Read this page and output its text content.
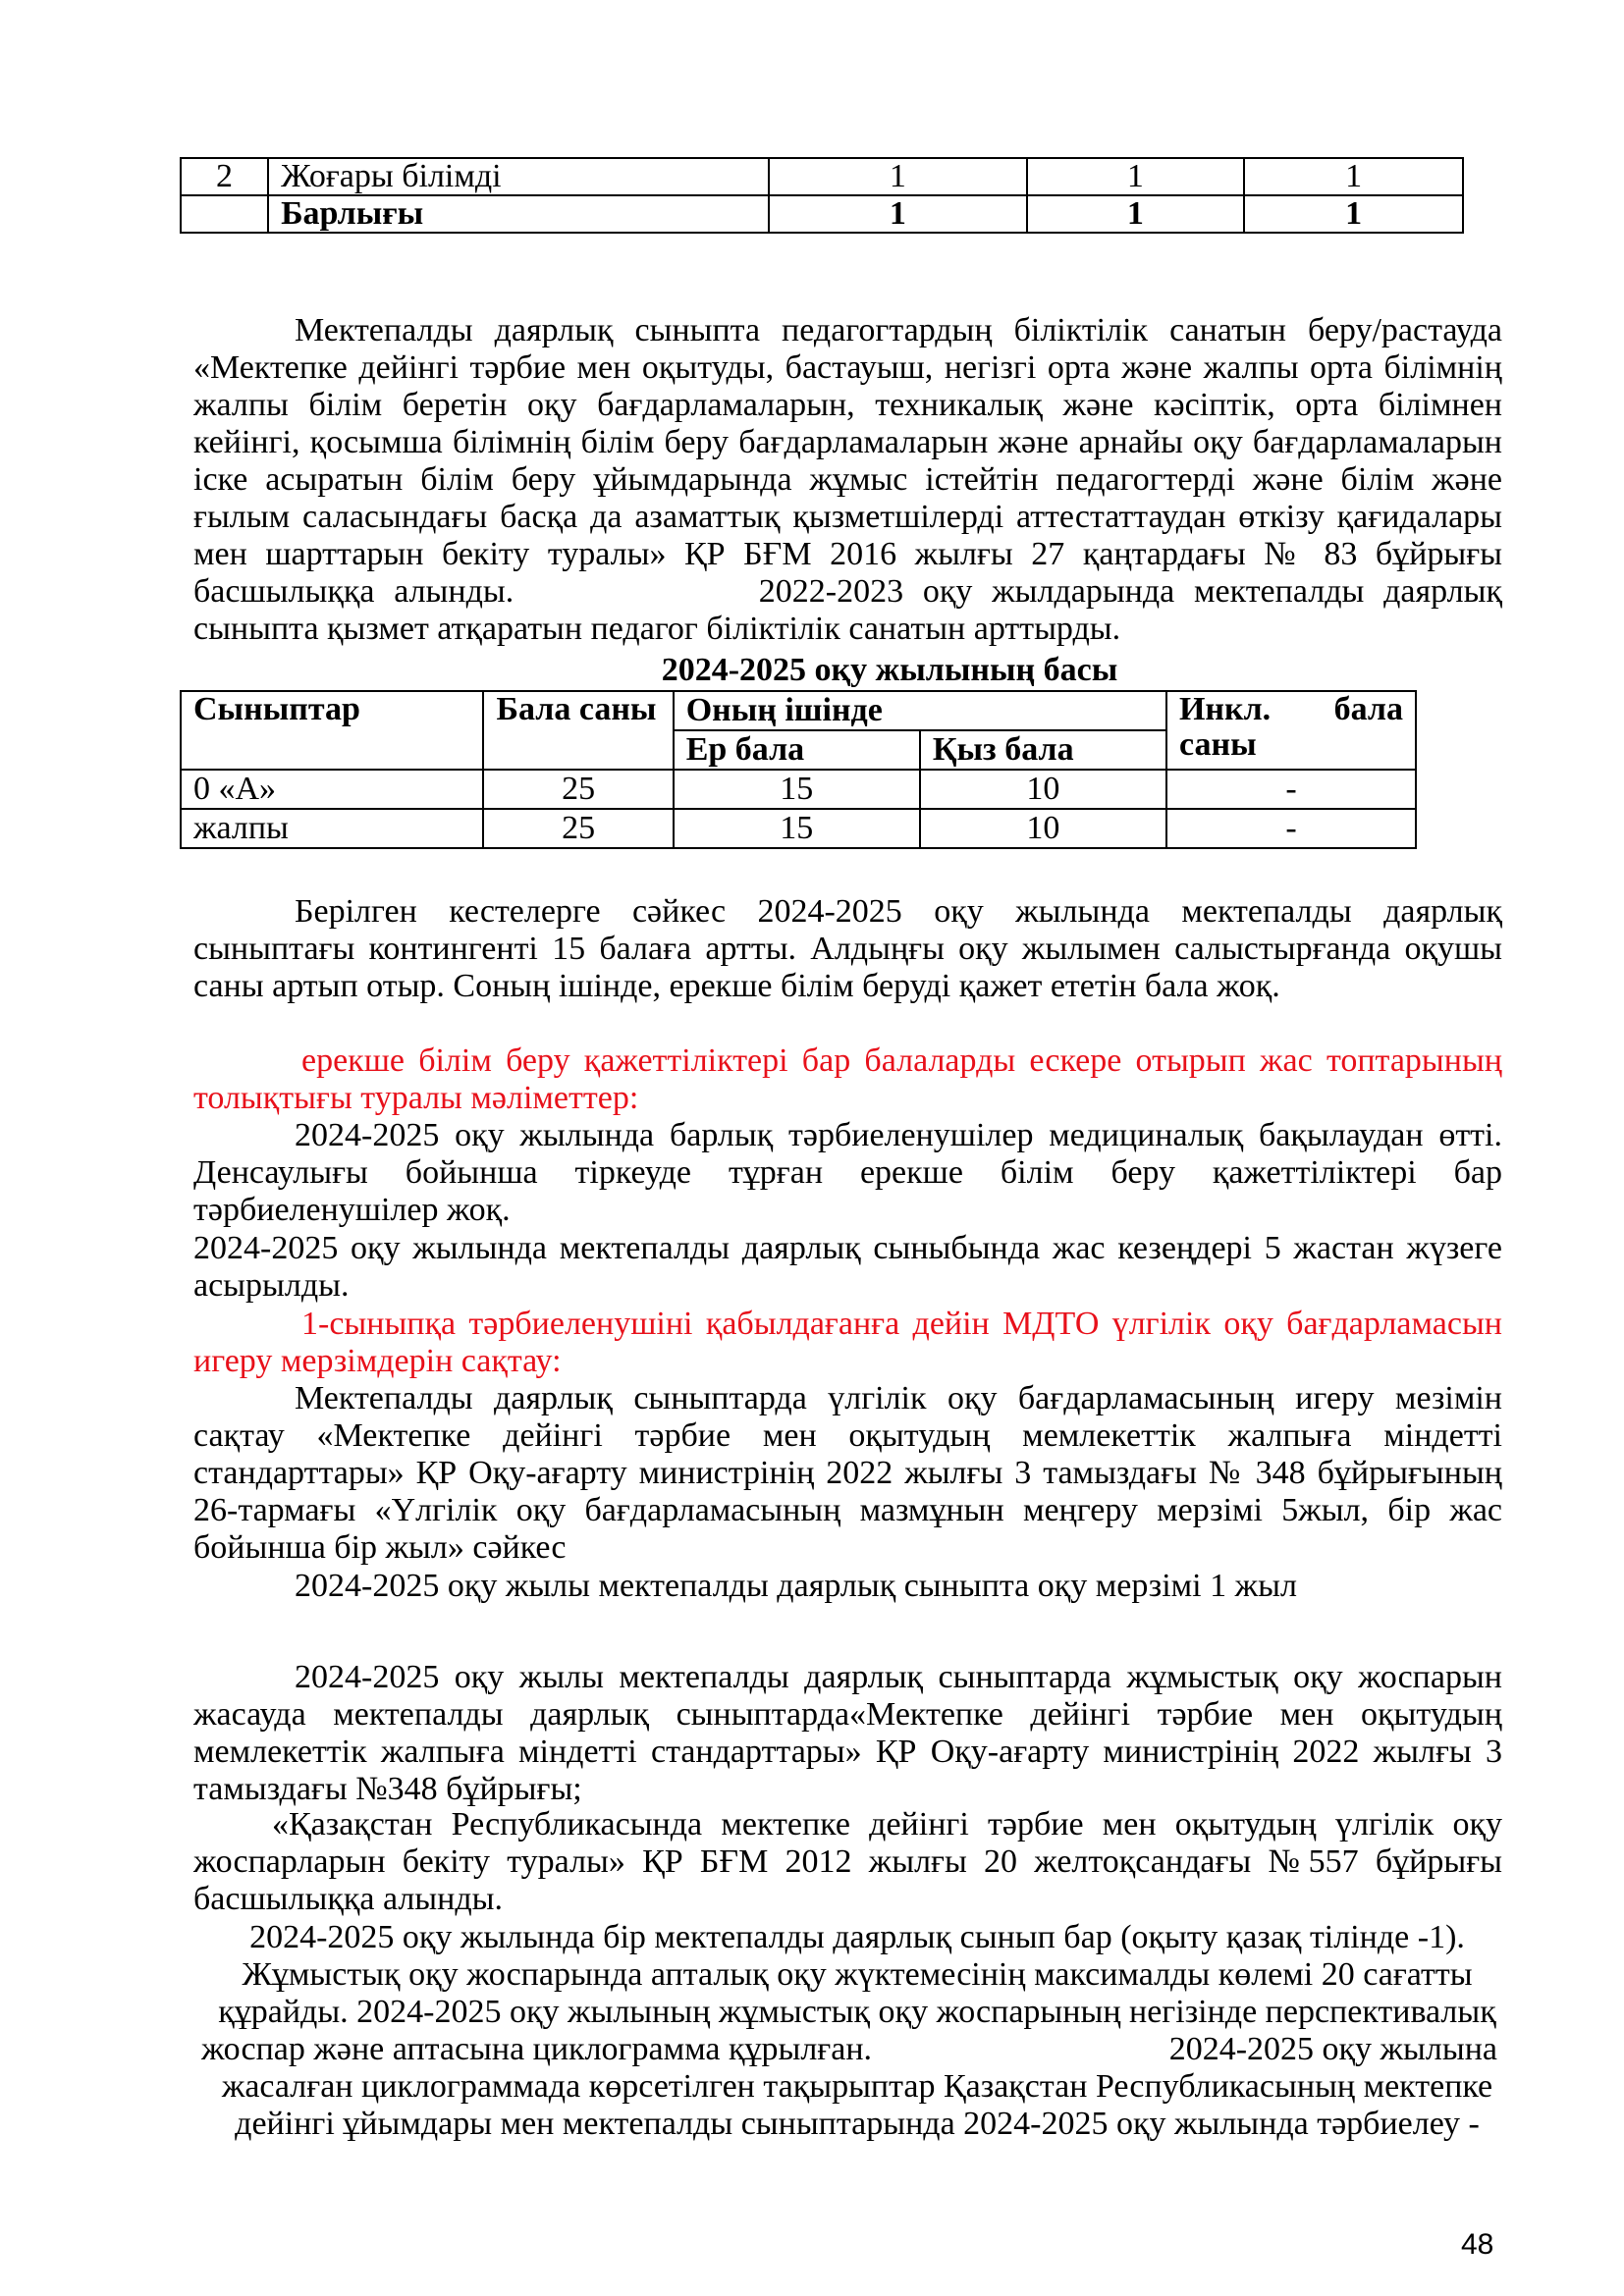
2	Жоғары білімді	1	1	1
	Барлығы	1	1	1
Мектепалды даярлық сыныпта педагогтардың біліктілік санатын беру/растауда «Мектепке дейінгі тәрбие мен оқытуды, бастауыш, негізгі орта және жалпы орта білімнің жалпы білім беретін оқу бағдарламаларын, техникалық және кәсіптік, орта білімнен кейінгі, қосымша білімнің білім беру бағдарламаларын және арнайы оқу бағдарламаларын іске асыратын білім беру ұйымдарында жұмыс істейтін педагогтерді және білім және ғылым саласындағы басқа да азаматтық қызметшілерді аттестаттаудан өткізу қағидалары мен шарттарын бекіту туралы» ҚР БҒМ 2016 жылғы 27 қаңтардағы № 83 бұйрығы басшылыққа алынды.	2022-2023 оқу жылдарында мектепалды даярлық сыныпта қызмет атқаратын педагог біліктілік санатын арттырды.
2024-2025 оқу жылының басы
Сыныптар	Бала саны	Оның ішінде		Инкл. бала
саны

		Ер бала	Қыз бала	
0 «А»	25	15	10	-
жалпы	25	15	10	-
Берілген кестелерге сәйкес 2024-2025 оқу жылында мектепалды даярлық сыныптағы контингенті 15 балаға артты. Алдыңғы оқу жылымен салыстырғанда оқушы саны артып отыр. Соның ішінде, ерекше білім беруді қажет ететін бала жоқ.
ерекше білім беру қажеттіліктері бар балаларды ескере отырып жас топтарының толықтығы туралы мәліметтер:
2024-2025 оқу жылында барлық тәрбиеленушілер медициналық бақылаудан өтті. Денсаулығы бойынша тіркеуде тұрған ерекше білім беру қажеттіліктері бар тәрбиеленушілер жоқ.
2024-2025 оқу жылында мектепалды даярлық сыныбында жас кезеңдері 5 жастан жүзеге асырылды.
1-сыныпқа тәрбиеленушіні қабылдағанға дейін МДТО үлгілік оқу бағдарламасын игеру мерзімдерін сақтау:
Мектепалды даярлық сыныптарда үлгілік оқу бағдарламасының игеру мезімін сақтау «Мектепке дейінгі тәрбие мен оқытудың мемлекеттік жалпыға міндетті стандарттары» ҚР Оқу-ағарту министрінің 2022 жылғы 3 тамыздағы № 348 бұйрығының 26-тармағы «Үлгілік оқу бағдарламасының мазмұнын меңгеру мерзімі 5жыл, бір жас бойынша бір жыл» сәйкес
2024-2025 оқу жылы мектепалды даярлық сыныпта оқу мерзімі 1 жыл
2024-2025 оқу жылы мектепалды даярлық сыныптарда жұмыстық оқу жоспарын жасауда мектепалды даярлық сыныптарда«Мектепке дейінгі тәрбие мен оқытудың мемлекеттік жалпыға міндетті стандарттары» ҚР Оқу-ағарту министрінің 2022 жылғы 3 тамыздағы №348 бұйрығы;
«Қазақстан Республикасында мектепке дейінгі тәрбие мен оқытудың үлгілік оқу жоспарларын бекіту туралы» ҚР БҒМ 2012 жылғы 20 желтоқсандағы №557 бұйрығы басшылыққа алынды.
2024-2025 оқу жылында бір мектепалды даярлық сынып бар (оқыту қазақ тілінде -1).
Жұмыстық оқу жоспарында апталық оқу жүктемесінің максималды көлемі 20 сағатты
құрайды. 2024-2025 оқу жылының жұмыстық оқу жоспарының негізінде перспективалық
жоспар және аптасына циклограмма құрылған.	2024-2025 оқу жылына
жасалған циклограммада көрсетілген тақырыптар Қазақстан Республикасының мектепке
дейінгі ұйымдары мен мектепалды сыныптарында 2024-2025 оқу жылында тәрбиелеу -
48
